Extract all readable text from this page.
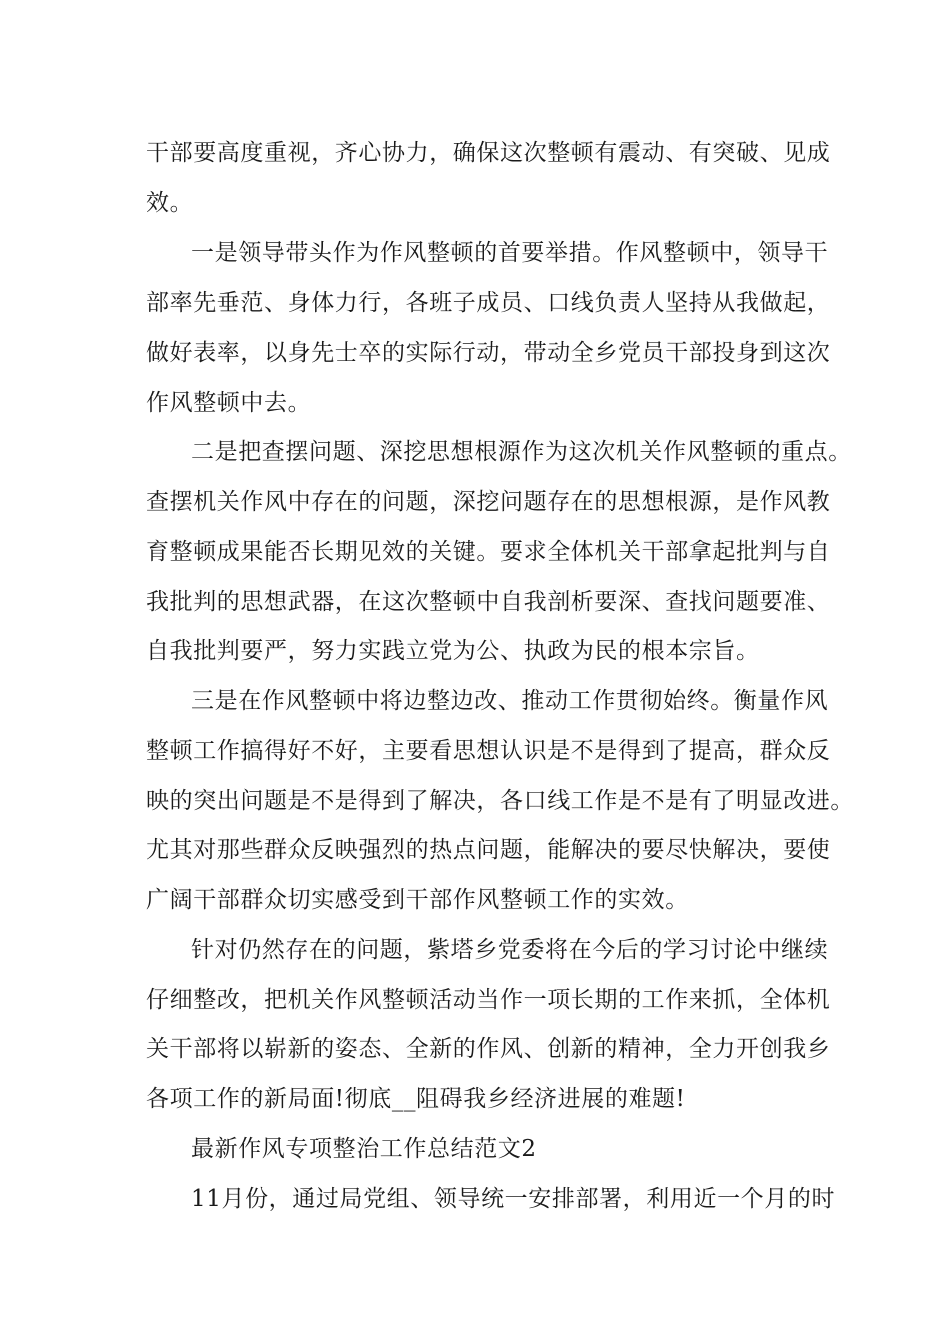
干部要高度重视，齐心协力，确保这次整顿有震动、有突破、见成
效。
一是领导带头作为作风整顿的首要举措。作风整顿中，领导干
部率先垂范、身体力行，各班子成员、口线负责人坚持从我做起，
做好表率，以身先士卒的实际行动，带动全乡党员干部投身到这次
作风整顿中去。
二是把查摆问题、深挖思想根源作为这次机关作风整顿的重点。
查摆机关作风中存在的问题，深挖问题存在的思想根源，是作风教
育整顿成果能否长期见效的关键。要求全体机关干部拿起批判与自
我批判的思想武器，在这次整顿中自我剖析要深、查找问题要准、
自我批判要严，努力实践立党为公、执政为民的根本宗旨。
三是在作风整顿中将边整边改、推动工作贯彻始终。衡量作风
整顿工作搞得好不好，主要看思想认识是不是得到了提高，群众反
映的突出问题是不是得到了解决，各口线工作是不是有了明显改进。
尤其对那些群众反映强烈的热点问题，能解决的要尽快解决，要使
广阔干部群众切实感受到干部作风整顿工作的实效。
针对仍然存在的问题，紫塔乡党委将在今后的学习讨论中继续
仔细整改，把机关作风整顿活动当作一项长期的工作来抓，全体机
关干部将以崭新的姿态、全新的作风、创新的精神，全力开创我乡
各项工作的新局面!彻底__阻碍我乡经济进展的难题!
最新作风专项整治工作总结范文2
11月份，通过局党组、领导统一安排部署，利用近一个月的时
